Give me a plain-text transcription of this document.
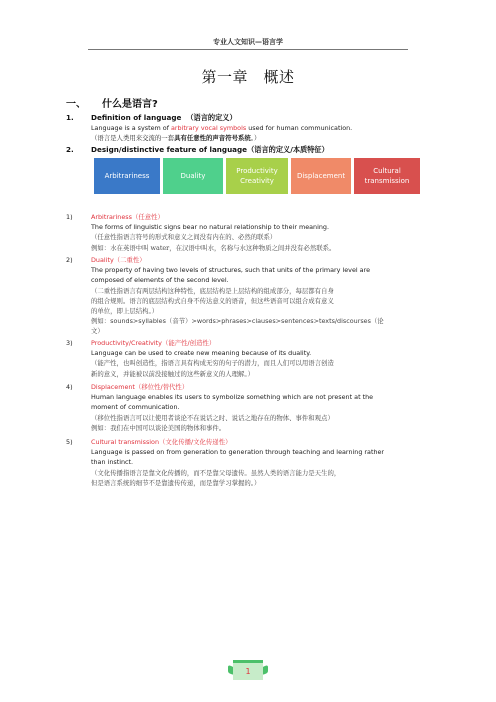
专业人文知识—语言学
第一章　概述
一、 什么是语言?
1. Definition of language （语言的定义）
Language is a system of arbitrary vocal symbols used for human communication.
（语言是人类用来交流的一套具有任意性的声音符号系统。）
2. Design/distinctive feature of language（语言的定义/本质特征）
Arbitrariness	Duality
Productivity
Creativity
Displacement
Cultural
transmission
1)	Arbitrariness（任意性）
The forms of linguistic signs bear no natural relationship to their meaning.
（任意性指语言符号的形式和意义之间没有内在的、必然的联系）
例如：水在英语中叫 water，在汉语中叫水，名称与水这种物质之间并没有必然联系。
2)	Duality（二重性）
The property of having two levels of structures, such that units of the primary level are
composed of elements of the second level.
（二重性指语言有两层结构这种特性，底层结构是上层结构的组成部分，每层都有自身
的组合规则。语言的底层结构式自身不传达意义的语音，但这些语音可以组合成有意义
的单位，即上层结构。）
例如：sounds>syllables（音节）>words>phrases>clauses>sentences>texts/discourses（论
文）
3)	Productivity/Creativity（能产性/创造性）
Language can be used to create new meaning because of its duality.
（能产性，也叫创造性，指语言具有构成无穷的句子的潜力，而且人们可以用语言创造
新的意义，并能被以前没接触过的这些新意义的人理解。）
4)	Displacement（移位性/替代性）
Human language enables its users to symbolize something which are not present at the
moment of communication.
（移位性指语言可以让使用者谈论不在说话之时、说话之地存在的物体、事件和观点）
例如：我们在中国可以谈论美国的物体和事件。
5)	Cultural transmission（文化传播/文化传递性）
Language is passed on from generation to generation through teaching and learning rather
than instinct.
（文化传播指语言是靠文化传播的，而不是靠父母遗传。虽然人类的语言能力是天生的，
但是语言系统的细节不是靠遗传传递，而是靠学习掌握的。）
1
